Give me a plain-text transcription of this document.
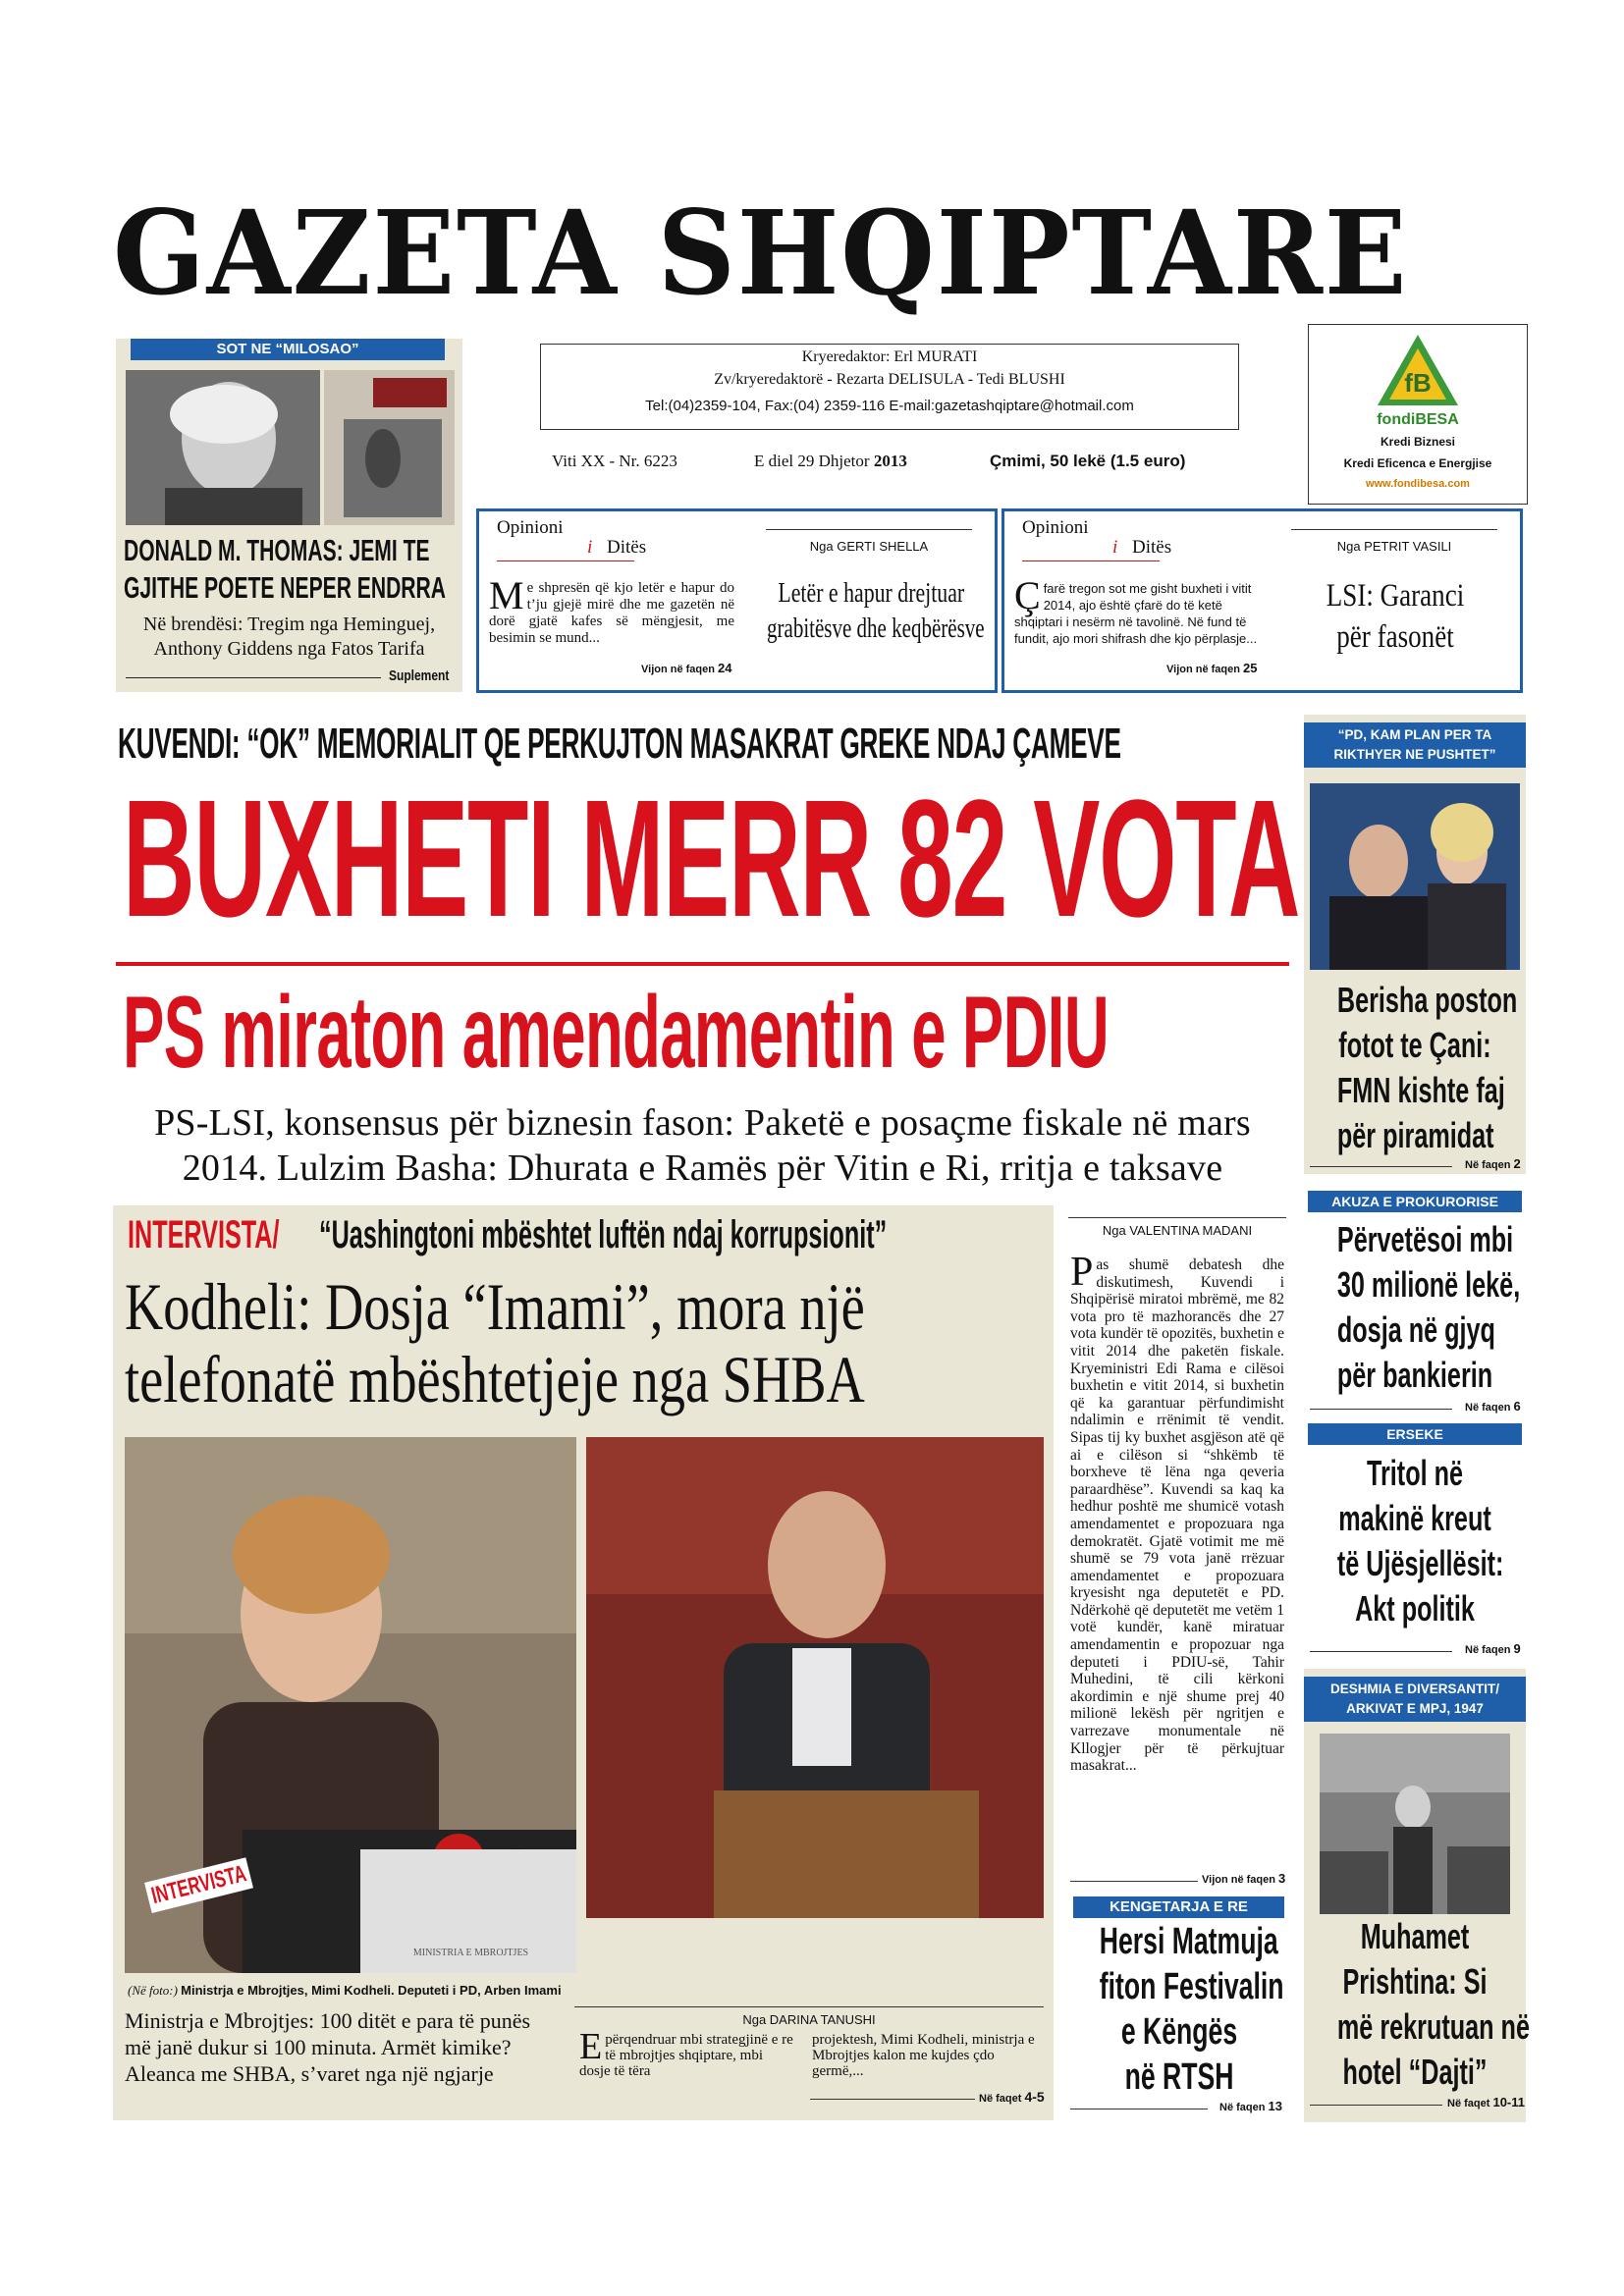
GAZETA SHQIPTARE
SOT NE “MILOSAO”
DONALD M. THOMAS: JEMI TE
GJITHE POETE NEPER ENDRRA
Në brendësi: Tregim nga Heminguej,
Anthony Giddens nga Fatos Tarifa
Suplement
Kryeredaktor: Erl MURATI
Zv/kryeredaktorë - Rezarta DELISULA - Tedi BLUSHI
Tel:(04)2359-104, Fax:(04) 2359-116 E-mail:gazetashqiptare@hotmail.com
Viti XX - Nr. 6223	E diel 29 Dhjetor 2013	Çmimi, 50 lekë (1.5 euro)
fB
fondiBESA
Kredi Biznesi
Kredi Eficenca e Energjise
www.fondibesa.com
Opinioni
i Ditës	Nga GERTI SHELLA
Me shpresën që kjo letër e hapur do t’ju gjejë mirë dhe me gazetën në dorë gjatë kafes së mëngjesit, me besimin se mund...
Vijon në faqen 24
Letër e hapur drejtuar
grabitësve dhe keqbërësve
Opinioni
i Ditës	Nga PETRIT VASILI
Çfarë tregon sot me gisht buxheti i vitit 2014, ajo është çfarë do të ketë shqiptari i nesërm në tavolinë. Në fund të fundit, ajo mori shifrash dhe kjo përplasje...
Vijon në faqen 25
LSI: Garanci
për fasonët
KUVENDI: “OK” MEMORIALIT QE PERKUJTON MASAKRAT GREKE NDAJ ÇAMEVE
BUXHETI MERR 82 VOTA
PS miraton amendamentin e PDIU
PS-LSI, konsensus për biznesin fason: Paketë e posaçme fiskale në mars
2014. Lulzim Basha: Dhurata e Ramës për Vitin e Ri, rritja e taksave
INTERVISTA/ “Uashingtoni mbështet luftën ndaj korrupsionit”
Kodheli: Dosja “Imami”, mora një
telefonatë mbështetjeje nga SHBA
MINISTRIA E MBROJTJES
INTERVISTA
(Në foto:) Ministrja e Mbrojtjes, Mimi Kodheli. Deputeti i PD, Arben Imami
Ministrja e Mbrojtjes: 100 ditët e para të punës
më janë dukur si 100 minuta. Armët kimike?
Aleanca me SHBA, s’varet nga një ngjarje
Nga DARINA TANUSHI
Epërqendruar mbi strategjinë e re të mbrojtjes shqiptare, mbi dosje të tëra
projektesh, Mimi Kodheli, ministrja e Mbrojtjes kalon me kujdes çdo germë,...
Në faqet 4-5
Nga VALENTINA MADANI
Pas shumë debatesh dhe diskutimesh, Kuvendi i Shqipërisë miratoi mbrëmë, me 82 vota pro të mazhorancës dhe 27 vota kundër të opozitës, buxhetin e vitit 2014 dhe paketën fiskale. Kryeministri Edi Rama e cilësoi buxhetin e vitit 2014, si buxhetin që ka garantuar përfundimisht ndalimin e rrënimit të vendit. Sipas tij ky buxhet asgjëson atë që ai e cilëson si “shkëmb të borxheve të lëna nga qeveria paraardhëse”. Kuvendi sa kaq ka hedhur poshtë me shumicë votash amendamentet e propozuara nga demokratët. Gjatë votimit me më shumë se 79 vota janë rrëzuar amendamentet e propozuara kryesisht nga deputetët e PD. Ndërkohë që deputetët me vetëm 1 votë kundër, kanë miratuar amendamentin e propozuar nga deputeti i PDIU-së, Tahir Muhedini, të cili kërkoni akordimin e një shume prej 40 milionë lekësh për ngritjen e varrezave monumentale në Kllogjer për të përkujtuar masakrat...
Vijon në faqen 3
KENGETARJA E RE
Hersi Matmuja
fiton Festivalin
e Këngës
në RTSH
Në faqen 13
“PD, KAM PLAN PER TA
RIKTHYER NE PUSHTET”
Berisha poston
fotot te Çani:
FMN kishte faj
për piramidat
Në faqen 2
AKUZA E PROKURORISE
Përvetësoi mbi
30 milionë lekë,
dosja në gjyq
për bankierin
Në faqen 6
ERSEKE
Tritol në
makinë kreut
të Ujësjellësit:
Akt politik
Në faqen 9
DESHMIA E DIVERSANTIT/
ARKIVAT E MPJ, 1947
Muhamet
Prishtina: Si
më rekrutuan në
hotel “Dajti”
Në faqet 10-11
